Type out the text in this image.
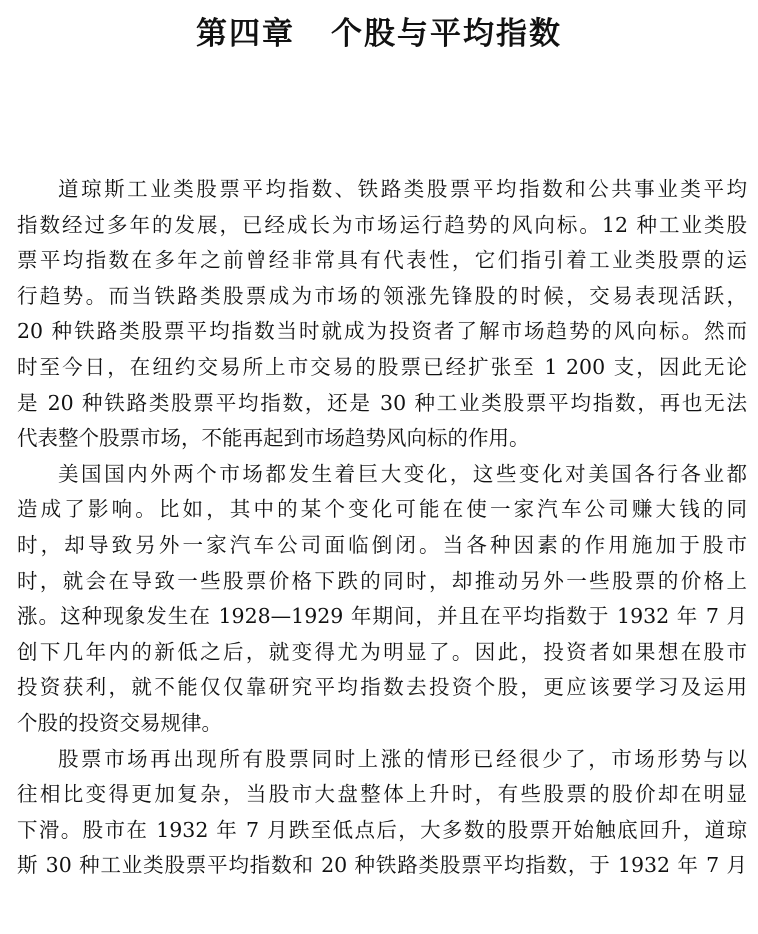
第四章 个股与平均指数

道琼斯工业类股票平均指数、铁路类股票平均指数和公共事业类平均
指数经过多年的发展，已经成长为市场运行趋势的风向标。12 种工业类股
票平均指数在多年之前曾经非常具有代表性，它们指引着工业类股票的运
行趋势。而当铁路类股票成为市场的领涨先锋股的时候，交易表现活跃，
20 种铁路类股票平均指数当时就成为投资者了解市场趋势的风向标。然而
时至今日，在纽约交易所上市交易的股票已经扩张至 1 200 支，因此无论
是 20 种铁路类股票平均指数，还是 30 种工业类股票平均指数，再也无法
代表整个股票市场，不能再起到市场趋势风向标的作用。

美国国内外两个市场都发生着巨大变化，这些变化对美国各行各业都
造成了影响。比如，其中的某个变化可能在使一家汽车公司赚大钱的同
时，却导致另外一家汽车公司面临倒闭。当各种因素的作用施加于股市
时，就会在导致一些股票价格下跌的同时，却推动另外一些股票的价格上
涨。这种现象发生在 1928—1929 年期间，并且在平均指数于 1932 年 7 月
创下几年内的新低之后，就变得尤为明显了。因此，投资者如果想在股市
投资获利，就不能仅仅靠研究平均指数去投资个股，更应该要学习及运用
个股的投资交易规律。

股票市场再出现所有股票同时上涨的情形已经很少了，市场形势与以
往相比变得更加复杂，当股市大盘整体上升时，有些股票的股价却在明显
下滑。股市在 1932 年 7 月跌至低点后，大多数的股票开始触底回升，道琼
斯 30 种工业类股票平均指数和 20 种铁路类股票平均指数，于 1932 年 7 月
